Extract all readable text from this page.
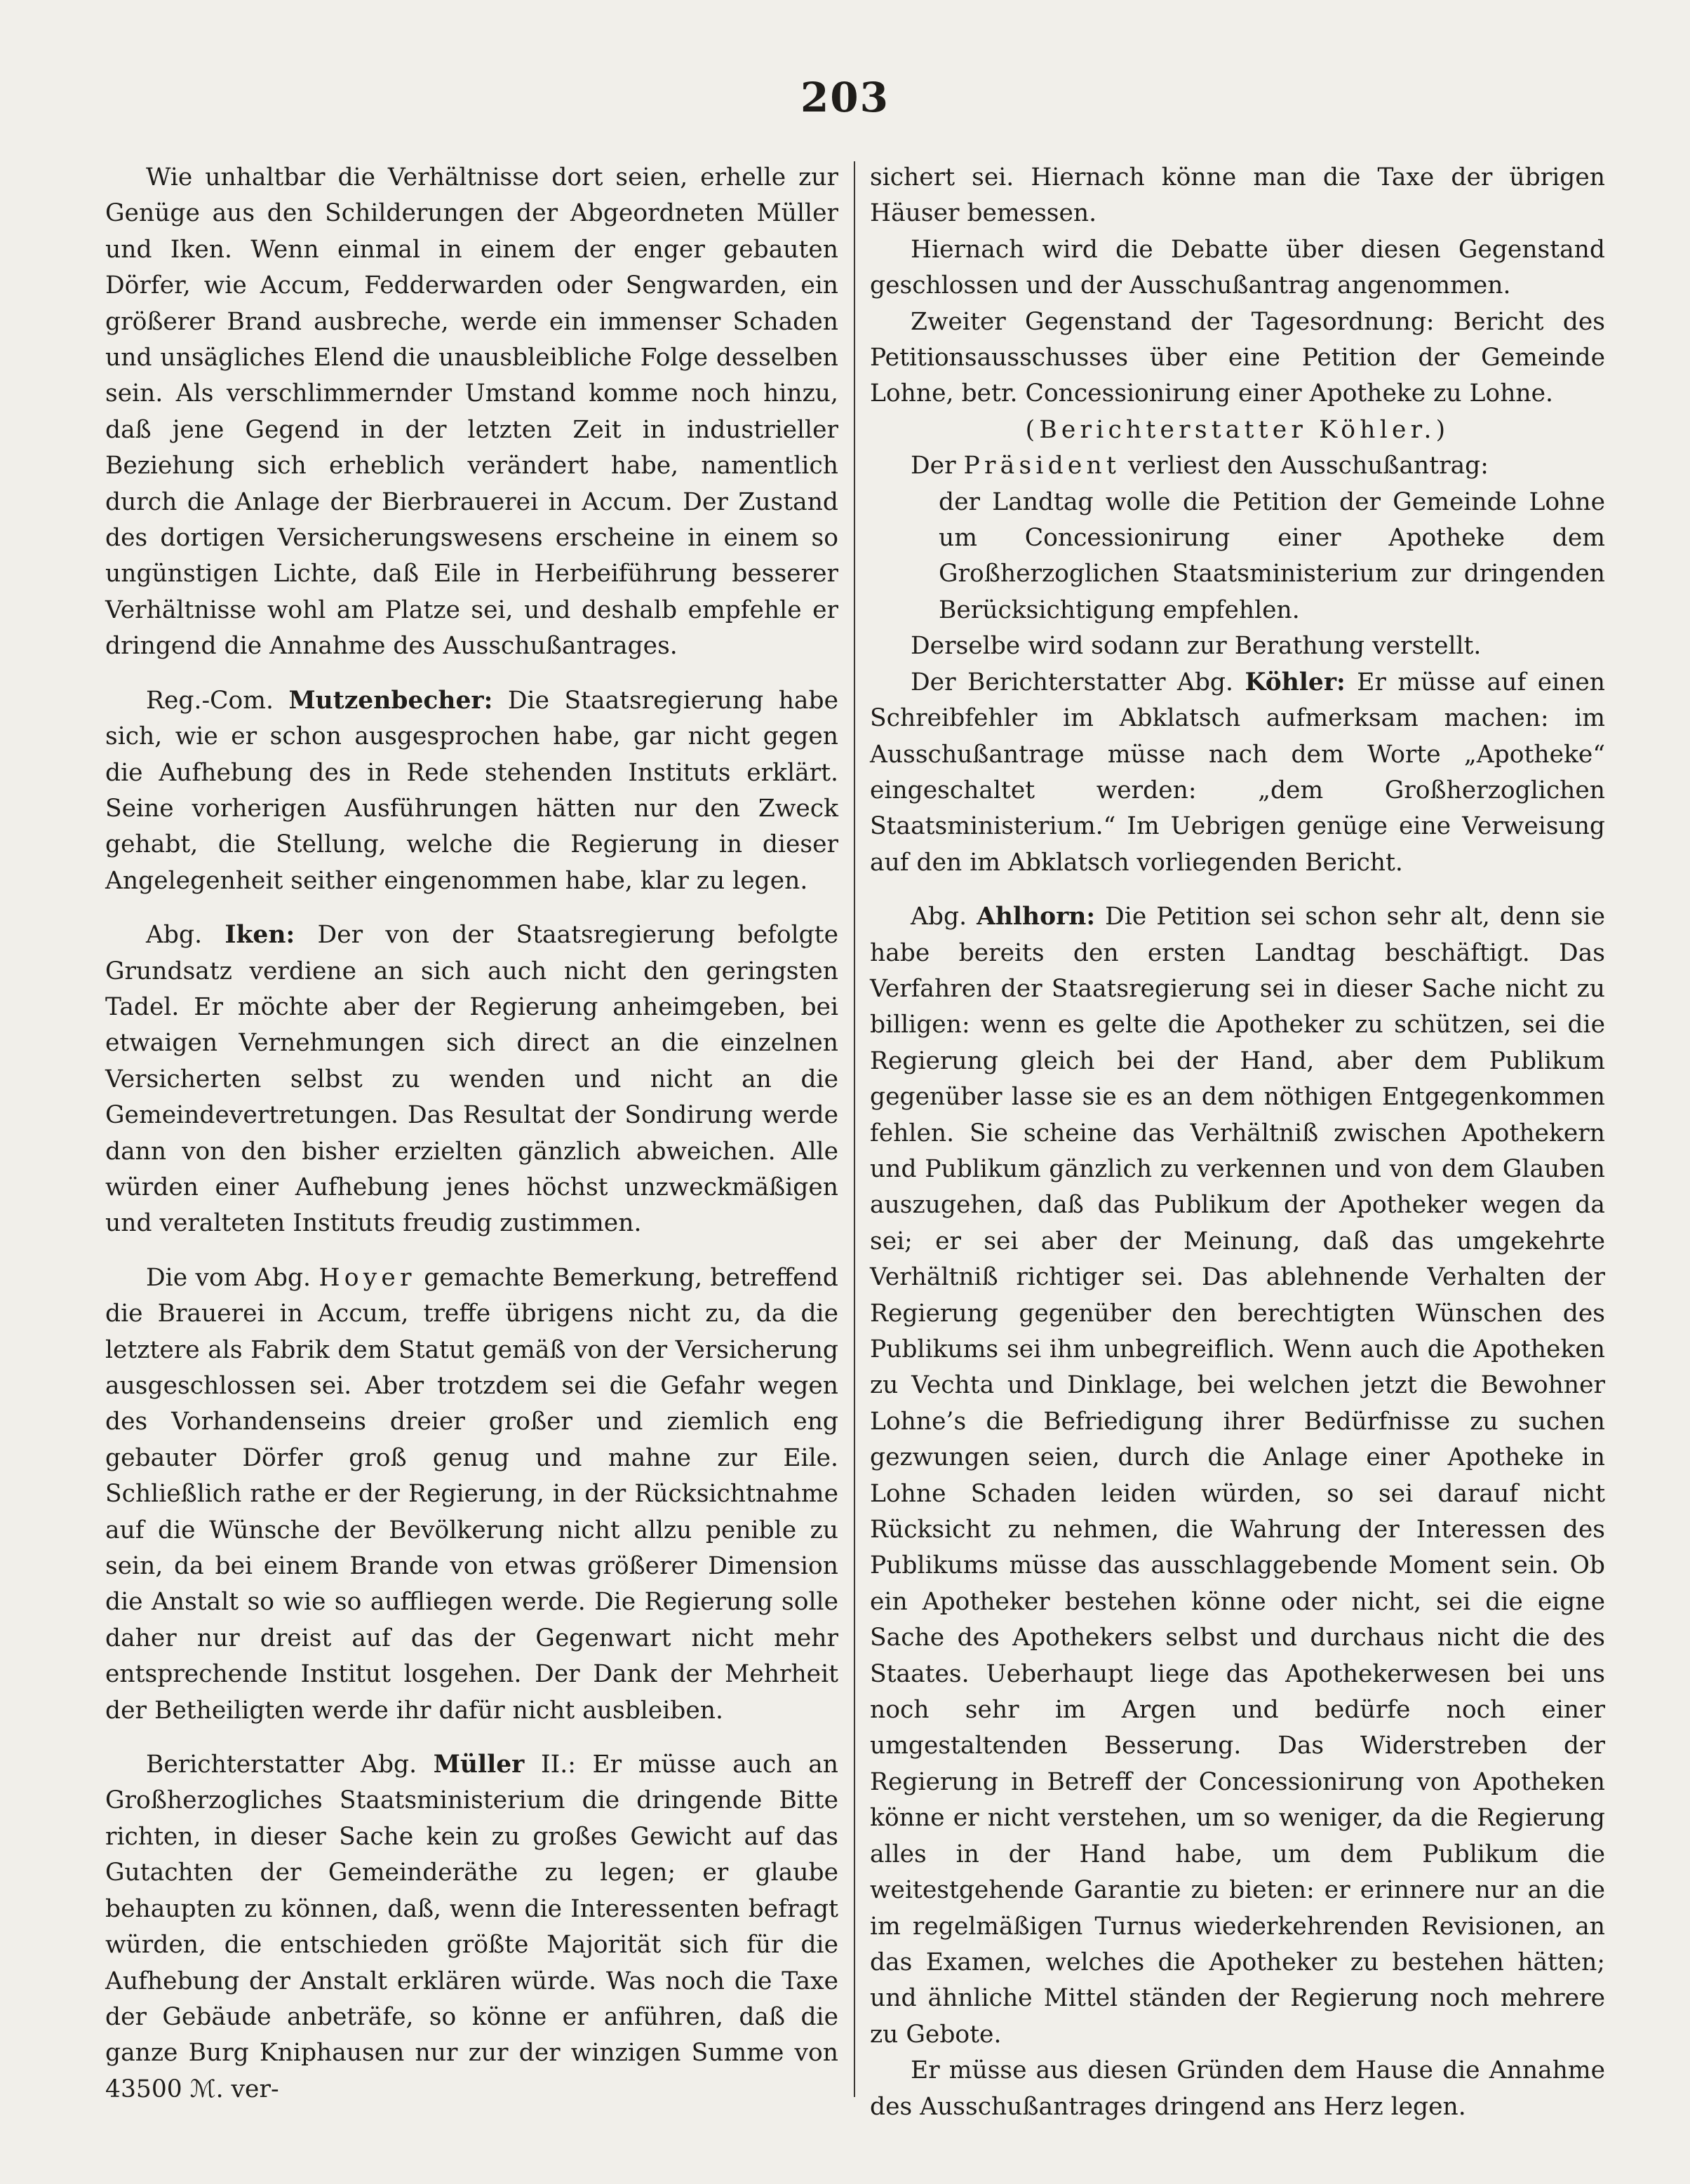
203

Wie unhaltbar die Verhältnisse dort seien, erhelle zur Genüge aus den Schilderungen der Abgeordneten Müller und Iken. Wenn einmal in einem der enger gebauten Dörfer, wie Accum, Fedderwarden oder Sengwarden, ein größerer Brand ausbreche, werde ein immenser Schaden und unsägliches Elend die unausbleibliche Folge desselben sein. Als verschlimmernder Umstand komme noch hinzu, daß jene Gegend in der letzten Zeit in industrieller Beziehung sich erheblich verändert habe, namentlich durch die Anlage der Bierbrauerei in Accum. Der Zustand des dortigen Versicherungswesens erscheine in einem so ungünstigen Lichte, daß Eile in Herbeiführung besserer Verhältnisse wohl am Platze sei, und deshalb empfehle er dringend die Annahme des Ausschußantrages.

Reg.-Com. Mutzenbecher: Die Staatsregierung habe sich, wie er schon ausgesprochen habe, gar nicht gegen die Aufhebung des in Rede stehenden Instituts erklärt. Seine vorherigen Ausführungen hätten nur den Zweck gehabt, die Stellung, welche die Regierung in dieser Angelegenheit seither eingenommen habe, klar zu legen.

Abg. Iken: Der von der Staatsregierung befolgte Grundsatz verdiene an sich auch nicht den geringsten Tadel. Er möchte aber der Regierung anheimgeben, bei etwaigen Vernehmungen sich direct an die einzelnen Versicherten selbst zu wenden und nicht an die Gemeindevertretungen. Das Resultat der Sondirung werde dann von den bisher erzielten gänzlich abweichen. Alle würden einer Aufhebung jenes höchst unzweckmäßigen und veralteten Instituts freudig zustimmen.

Die vom Abg. Hoyer gemachte Bemerkung, betreffend die Brauerei in Accum, treffe übrigens nicht zu, da die letztere als Fabrik dem Statut gemäß von der Versicherung ausgeschlossen sei. Aber trotzdem sei die Gefahr wegen des Vorhandenseins dreier großer und ziemlich eng gebauter Dörfer groß genug und mahne zur Eile. Schließlich rathe er der Regierung, in der Rücksichtnahme auf die Wünsche der Bevölkerung nicht allzu penible zu sein, da bei einem Brande von etwas größerer Dimension die Anstalt so wie so auffliegen werde. Die Regierung solle daher nur dreist auf das der Gegenwart nicht mehr entsprechende Institut losgehen. Der Dank der Mehrheit der Betheiligten werde ihr dafür nicht ausbleiben.

Berichterstatter Abg. Müller II.: Er müsse auch an Großherzogliches Staatsministerium die dringende Bitte richten, in dieser Sache kein zu großes Gewicht auf das Gutachten der Gemeinderäthe zu legen; er glaube behaupten zu können, daß, wenn die Interessenten befragt würden, die entschieden größte Majorität sich für die Aufhebung der Anstalt erklären würde. Was noch die Taxe der Gebäude anbeträfe, so könne er anführen, daß die ganze Burg Kniphausen nur zur der winzigen Summe von 43500 ℳ. ver-

sichert sei. Hiernach könne man die Taxe der übrigen Häuser bemessen.

Hiernach wird die Debatte über diesen Gegenstand geschlossen und der Ausschußantrag angenommen.

Zweiter Gegenstand der Tagesordnung: Bericht des Petitionsausschusses über eine Petition der Gemeinde Lohne, betr. Concessionirung einer Apotheke zu Lohne.

(Berichterstatter Köhler.)

Der Präsident verliest den Ausschußantrag:

der Landtag wolle die Petition der Gemeinde Lohne um Concessionirung einer Apotheke dem Großherzoglichen Staatsministerium zur dringenden Berücksichtigung empfehlen.

Derselbe wird sodann zur Berathung verstellt.

Der Berichterstatter Abg. Köhler: Er müsse auf einen Schreibfehler im Abklatsch aufmerksam machen: im Ausschußantrage müsse nach dem Worte „Apotheke“ eingeschaltet werden: „dem Großherzoglichen Staatsministerium.“ Im Uebrigen genüge eine Verweisung auf den im Abklatsch vorliegenden Bericht.

Abg. Ahlhorn: Die Petition sei schon sehr alt, denn sie habe bereits den ersten Landtag beschäftigt. Das Verfahren der Staatsregierung sei in dieser Sache nicht zu billigen: wenn es gelte die Apotheker zu schützen, sei die Regierung gleich bei der Hand, aber dem Publikum gegenüber lasse sie es an dem nöthigen Entgegenkommen fehlen. Sie scheine das Verhältniß zwischen Apothekern und Publikum gänzlich zu verkennen und von dem Glauben auszugehen, daß das Publikum der Apotheker wegen da sei; er sei aber der Meinung, daß das umgekehrte Verhältniß richtiger sei. Das ablehnende Verhalten der Regierung gegenüber den berechtigten Wünschen des Publikums sei ihm unbegreiflich. Wenn auch die Apotheken zu Vechta und Dinklage, bei welchen jetzt die Bewohner Lohne’s die Befriedigung ihrer Bedürfnisse zu suchen gezwungen seien, durch die Anlage einer Apotheke in Lohne Schaden leiden würden, so sei darauf nicht Rücksicht zu nehmen, die Wahrung der Interessen des Publikums müsse das ausschlaggebende Moment sein. Ob ein Apotheker bestehen könne oder nicht, sei die eigne Sache des Apothekers selbst und durchaus nicht die des Staates. Ueberhaupt liege das Apothekerwesen bei uns noch sehr im Argen und bedürfe noch einer umgestaltenden Besserung. Das Widerstreben der Regierung in Betreff der Concessionirung von Apotheken könne er nicht verstehen, um so weniger, da die Regierung alles in der Hand habe, um dem Publikum die weitestgehende Garantie zu bieten: er erinnere nur an die im regelmäßigen Turnus wiederkehrenden Revisionen, an das Examen, welches die Apotheker zu bestehen hätten; und ähnliche Mittel ständen der Regierung noch mehrere zu Gebote.

Er müsse aus diesen Gründen dem Hause die Annahme des Ausschußantrages dringend ans Herz legen.
